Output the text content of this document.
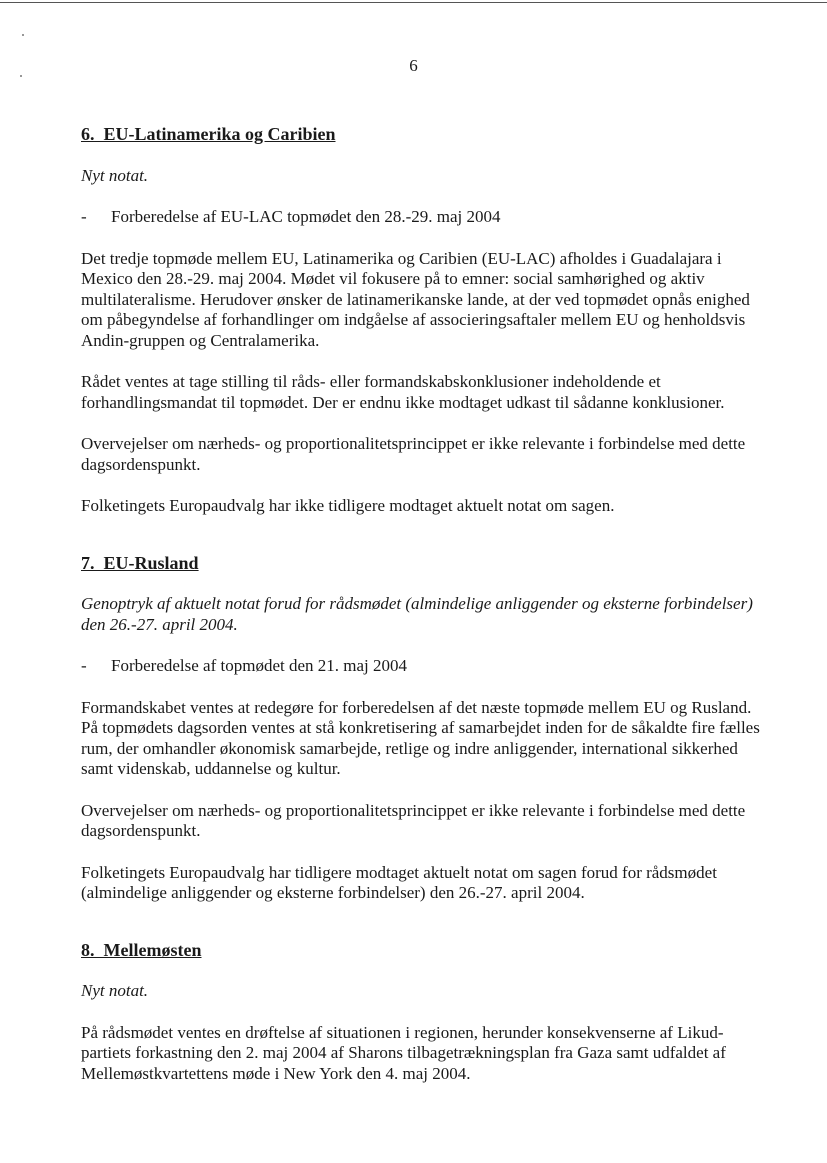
6
6. EU-Latinamerika og Caribien

Nyt notat.

- Forberedelse af EU-LAC topmødet den 28.-29. maj 2004

Det tredje topmøde mellem EU, Latinamerika og Caribien (EU-LAC) afholdes i Guadalajara i Mexico den 28.-29. maj 2004. Mødet vil fokusere på to emner: social samhørighed og aktiv multilateralisme. Herudover ønsker de latinamerikanske lande, at der ved topmødet opnås enighed om påbegyndelse af forhandlinger om indgåelse af associeringsaftaler mellem EU og henholdsvis Andin-gruppen og Centralamerika.

Rådet ventes at tage stilling til råds- eller formandskabskonklusioner indeholdende et forhandlingsmandat til topmødet. Der er endnu ikke modtaget udkast til sådanne konklusioner.

Overvejelser om nærheds- og proportionalitetsprincippet er ikke relevante i forbindelse med dette dagsordenspunkt.

Folketingets Europaudvalg har ikke tidligere modtaget aktuelt notat om sagen.

7. EU-Rusland

Genoptryk af aktuelt notat forud for rådsmødet (almindelige anliggender og eksterne forbindelser) den 26.-27. april 2004.

- Forberedelse af topmødet den 21. maj 2004

Formandskabet ventes at redegøre for forberedelsen af det næste topmøde mellem EU og Rusland. På topmødets dagsorden ventes at stå konkretisering af samarbejdet inden for de såkaldte fire fælles rum, der omhandler økonomisk samarbejde, retlige og indre anliggender, international sikkerhed samt videnskab, uddannelse og kultur.

Overvejelser om nærheds- og proportionalitetsprincippet er ikke relevante i forbindelse med dette dagsordenspunkt.

Folketingets Europaudvalg har tidligere modtaget aktuelt notat om sagen forud for rådsmødet (almindelige anliggender og eksterne forbindelser) den 26.-27. april 2004.

8. Mellemøsten

Nyt notat.

På rådsmødet ventes en drøftelse af situationen i regionen, herunder konsekvenserne af Likud-partiets forkastning den 2. maj 2004 af Sharons tilbagetrækningsplan fra Gaza samt udfaldet af Mellemøstkvartettens møde i New York den 4. maj 2004.
